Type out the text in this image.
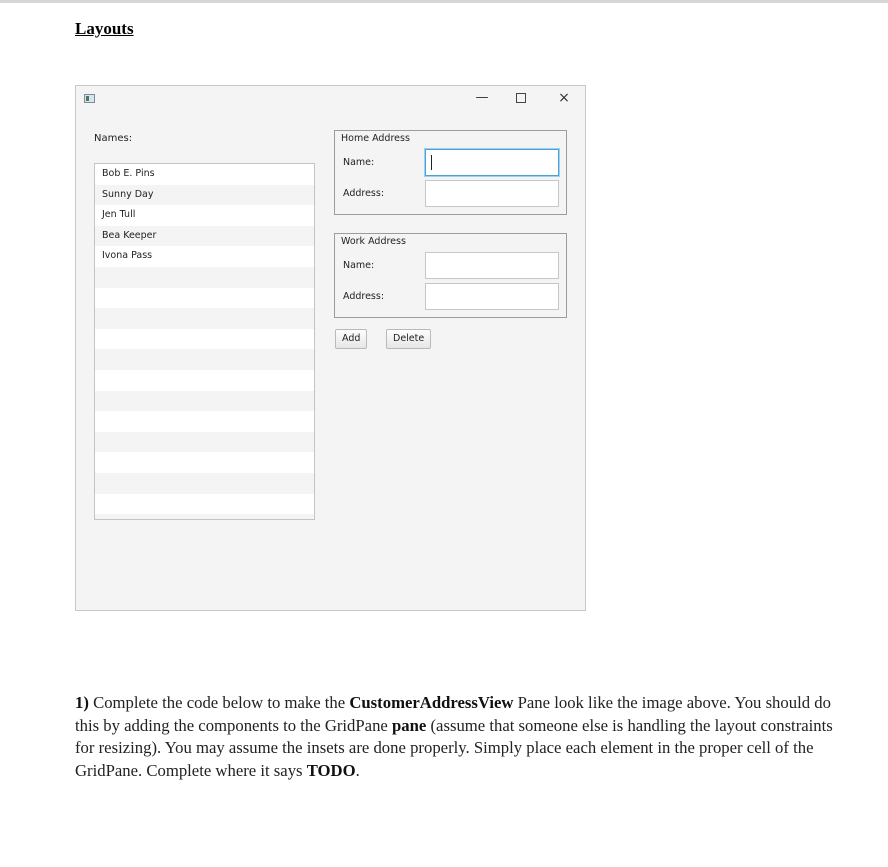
Layouts
—	×
Names:
Bob E. Pins
Sunny Day
Jen Tull
Bea Keeper
Ivona Pass
Home Address
Name:
Address:
Work Address
Name:
Address:
Add	Delete
1) Complete the code below to make the CustomerAddressView Pane look like the image above. You should do this by adding the components to the GridPane pane (assume that someone else is handling the layout constraints for resizing). You may assume the insets are done properly. Simply place each element in the proper cell of the GridPane. Complete where it says TODO.
